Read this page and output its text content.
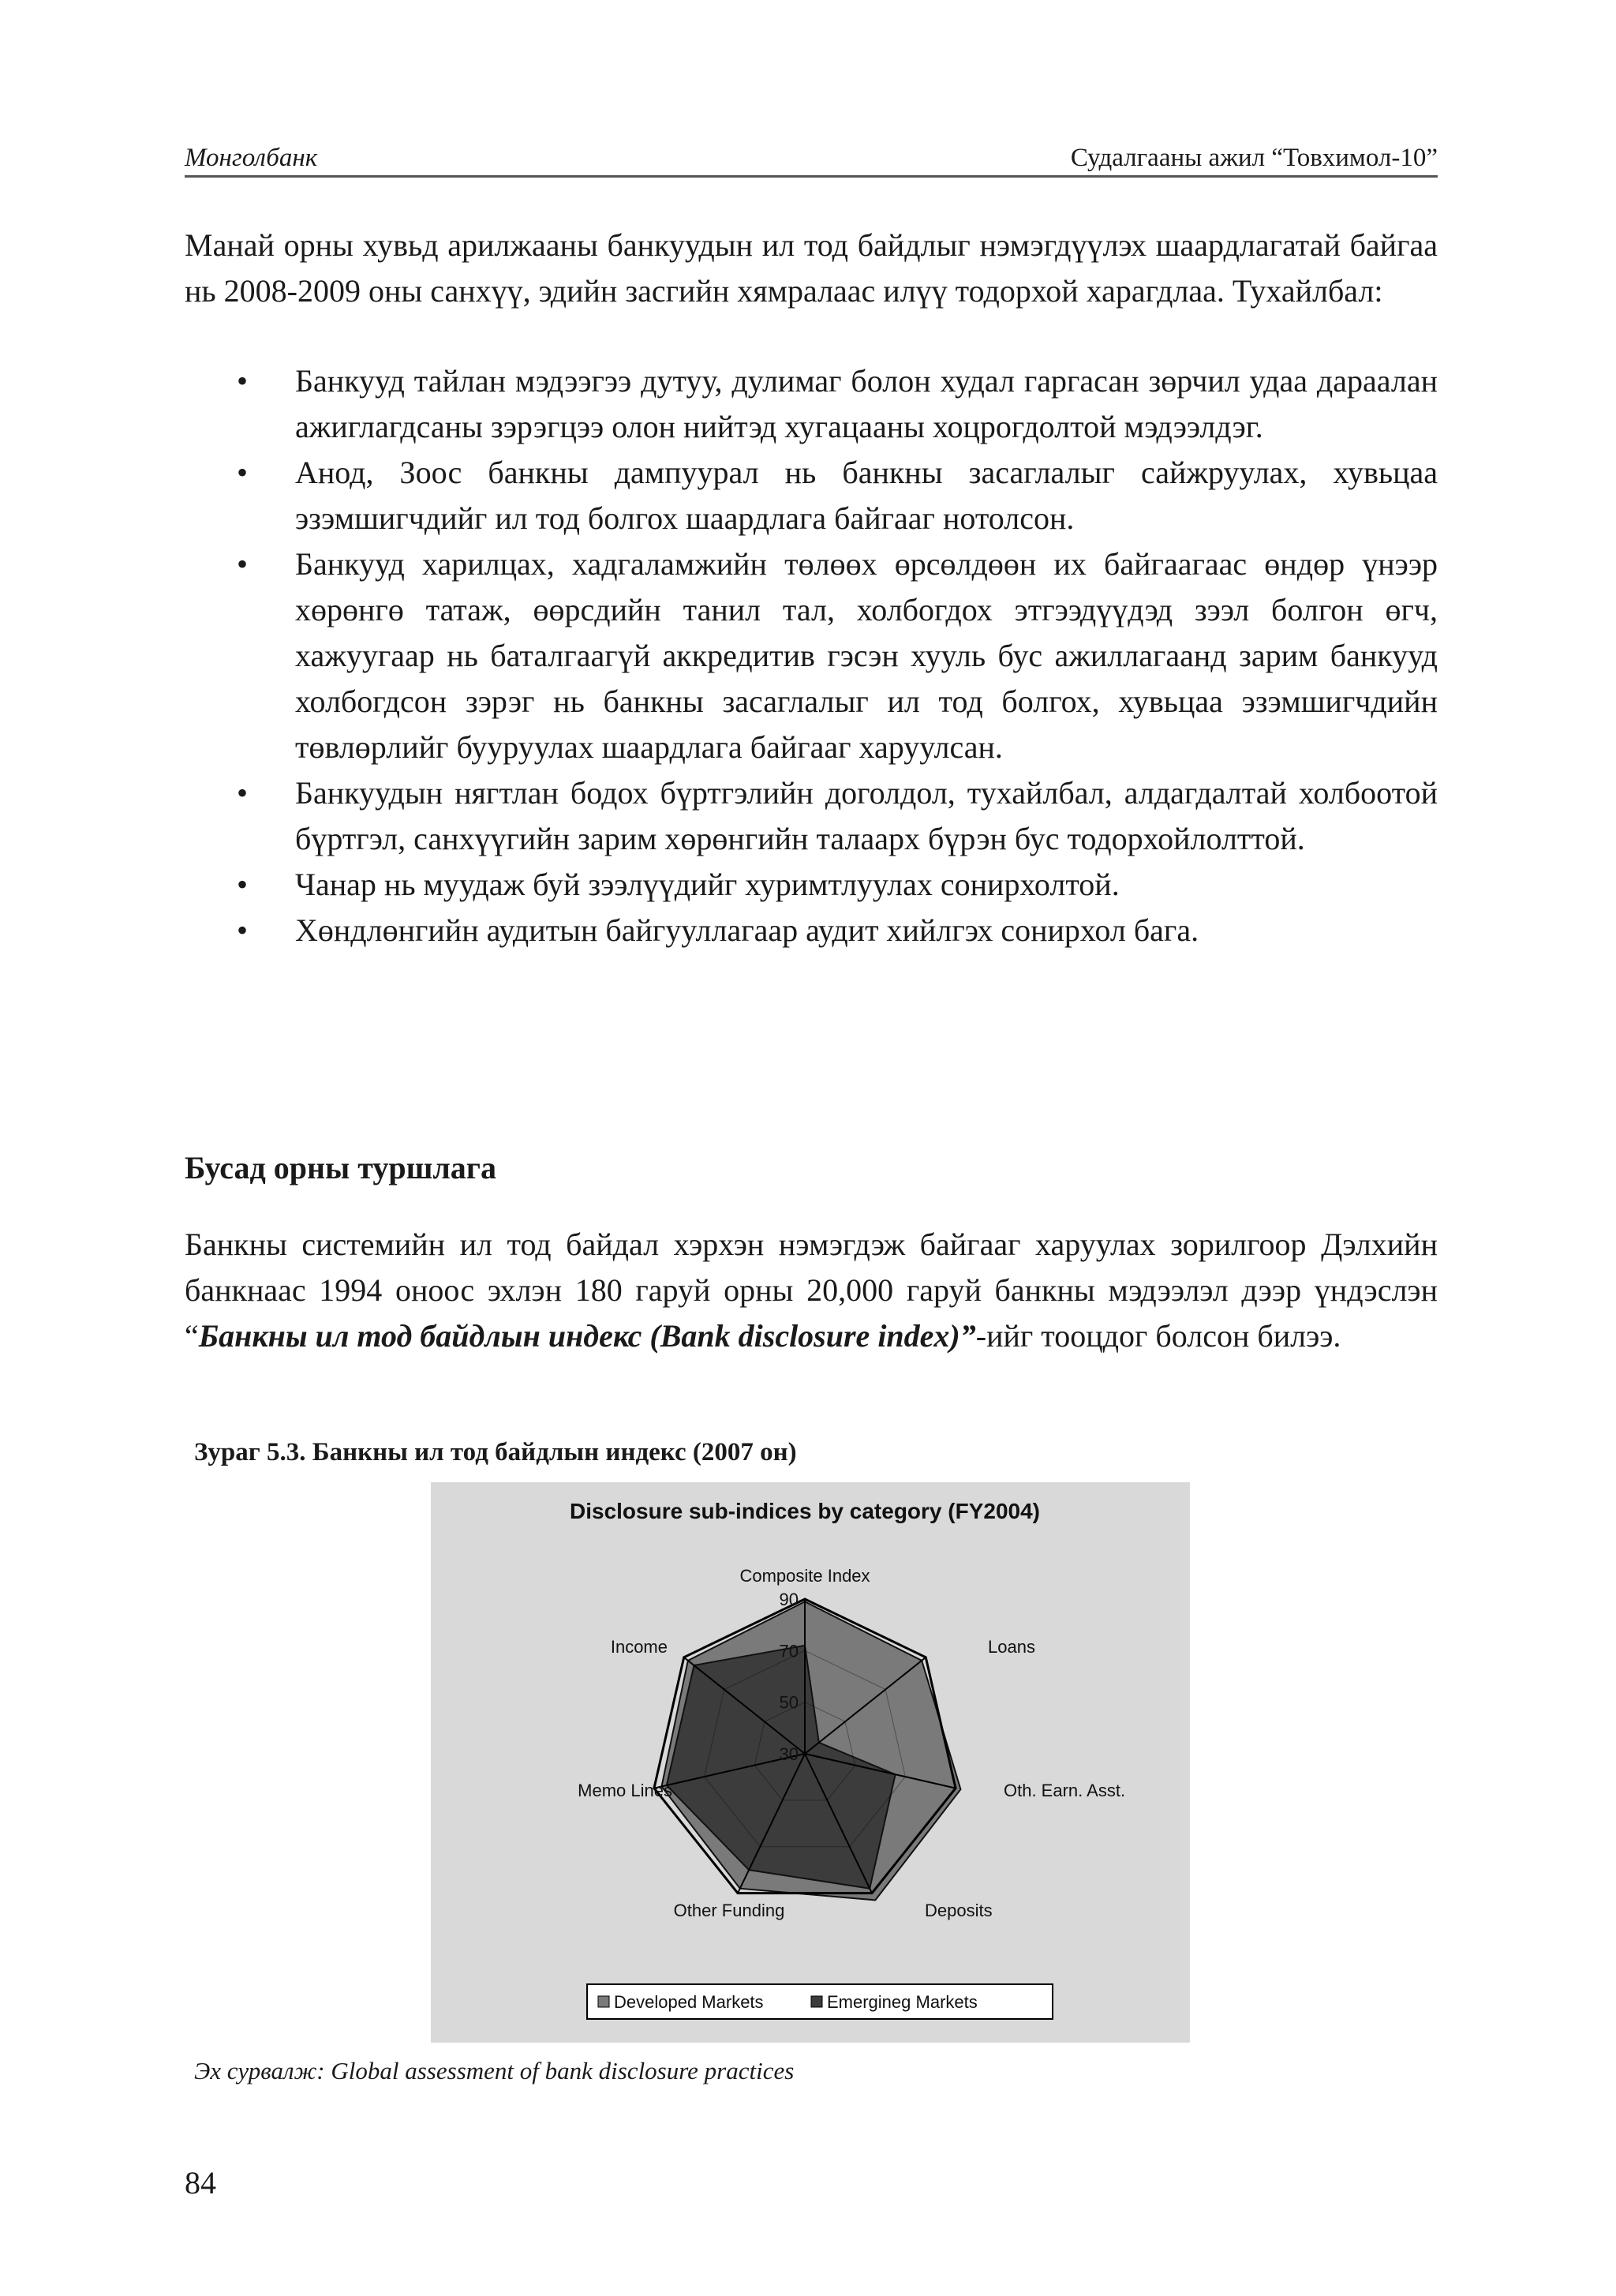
Монголбанк	Судалгааны ажил “Товхимол-10”
Манай орны хувьд арилжааны банкуудын ил тод байдлыг нэмэгдүүлэх шаардлагатай байгаа нь 2008-2009 оны санхүү, эдийн засгийн хямралаас илүү тодорхой харагдлаа. Тухайлбал:
• Банкууд тайлан мэдээгээ дутуу, дулимаг болон худал гаргасан зөрчил удаа дараалан ажиглагдсаны зэрэгцээ олон нийтэд хугацааны хоцрогдолтой мэдээлдэг.
• Анод, Зоос банкны дампуурал нь банкны засаглалыг сайжруулах, хувьцаа эзэмшигчдийг ил тод болгох шаардлага байгааг нотолсон.
• Банкууд харилцах, хадгаламжийн төлөөх өрсөлдөөн их байгаагаас өндөр үнээр хөрөнгө татаж, өөрсдийн танил тал, холбогдох этгээдүүдэд зээл болгон өгч, хажуугаар нь баталгаагүй аккредитив гэсэн хууль бус ажиллагаанд зарим банкууд холбогдсон зэрэг нь банкны засаглалыг ил тод болгох, хувьцаа эзэмшигчдийн төвлөрлийг бууруулах шаардлага байгааг харуулсан.
• Банкуудын нягтлан бодох бүртгэлийн доголдол, тухайлбал, алдагдалтай холбоотой бүртгэл, санхүүгийн зарим хөрөнгийн талаарх бүрэн бус тодорхойлолттой.
• Чанар нь муудаж буй зээлүүдийг хуримтлуулах сонирхолтой.
• Хөндлөнгийн аудитын байгууллагаар аудит хийлгэх сонирхол бага.
Бусад орны туршлага
Банкны системийн ил тод байдал хэрхэн нэмэгдэж байгааг харуулах зорилгоор Дэлхийн банкнаас 1994 оноос эхлэн 180 гаруй орны 20,000 гаруй банкны мэдээлэл дээр үндэслэн “Банкны ил тод байдлын индекс (Bank disclosure index)”-ийг тооцдог болсон билээ.
Зураг 5.3. Банкны ил тод байдлын индекс (2007 он)
Disclosure sub-indices by category (FY2004)
30
50
70
90
Composite Index
Loans
Oth. Earn. Asst.
Deposits
Other Funding
Memo Lines
Income
Developed Markets	Emergineg Markets
Эх сурвалж: Global assessment of bank disclosure practices
84
